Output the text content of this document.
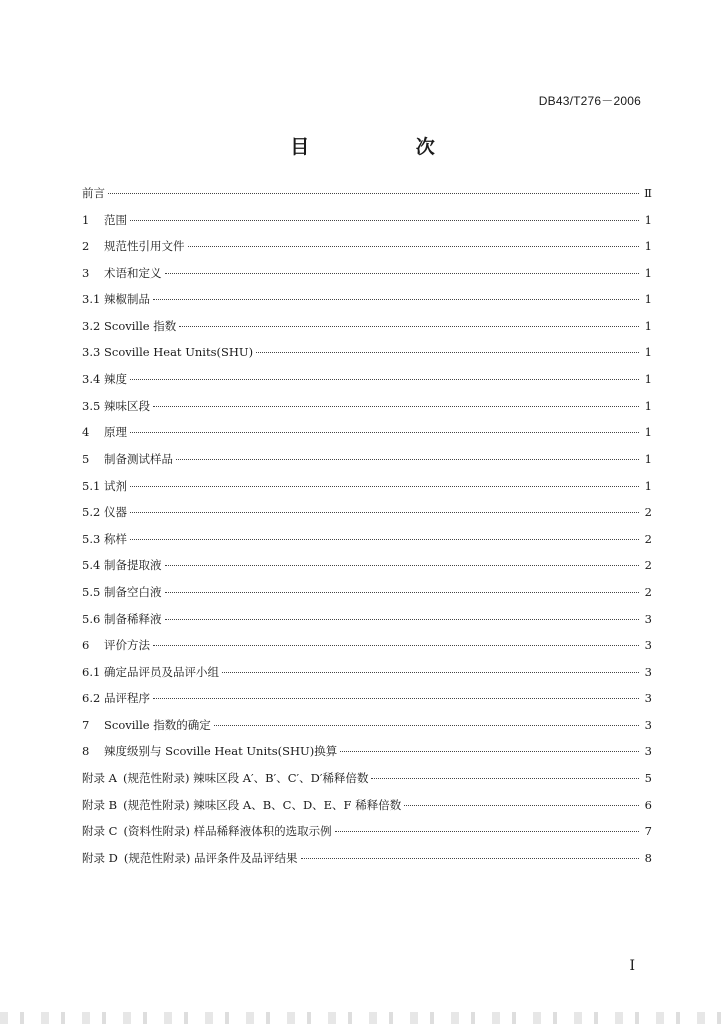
DB43/T276－2006
目 次
前言	Ⅱ
1	范围	1
2	规范性引用文件	1
3	术语和定义	1
3.1 辣椒制品	1
3.2 Scoville 指数	1
3.3 Scoville Heat Units(SHU)	1
3.4 辣度	1
3.5 辣味区段	1
4	原理	1
5	制备测试样品	1
5.1 试剂	1
5.2 仪器	2
5.3 称样	2
5.4 制备提取液	2
5.5 制备空白液	2
5.6 制备稀释液	3
6	评价方法	3
6.1 确定品评员及品评小组	3
6.2 品评程序	3
7	Scoville 指数的确定	3
8	辣度级别与 Scoville Heat Units(SHU)换算	3
附录 A (规范性附录) 辣味区段 A′、B′、C′、D′稀释倍数	5
附录 B (规范性附录) 辣味区段 A、B、C、D、E、F 稀释倍数	6
附录 C (资料性附录) 样品稀释液体积的选取示例	7
附录 D (规范性附录) 品评条件及品评结果	8
I
